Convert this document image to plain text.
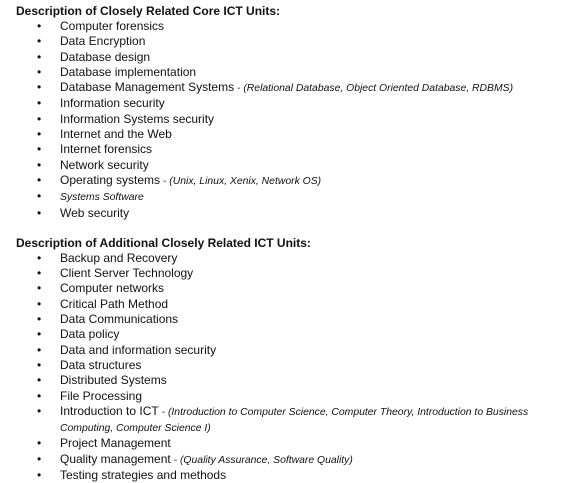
Description of Closely Related Core ICT Units:

• Computer forensics
• Data Encryption
• Database design
• Database implementation
• Database Management Systems - (Relational Database, Object Oriented Database, RDBMS)
• Information security
• Information Systems security
• Internet and the Web
• Internet forensics
• Network security
• Operating systems - (Unix, Linux, Xenix, Network OS)
• Systems Software
• Web security

Description of Additional Closely Related ICT Units:

• Backup and Recovery
• Client Server Technology
• Computer networks
• Critical Path Method
• Data Communications
• Data policy
• Data and information security
• Data structures
• Distributed Systems
• File Processing
• Introduction to ICT - (Introduction to Computer Science, Computer Theory, Introduction to Business Computing, Computer Science I)
• Project Management
• Quality management - (Quality Assurance, Software Quality)
• Testing strategies and methods
